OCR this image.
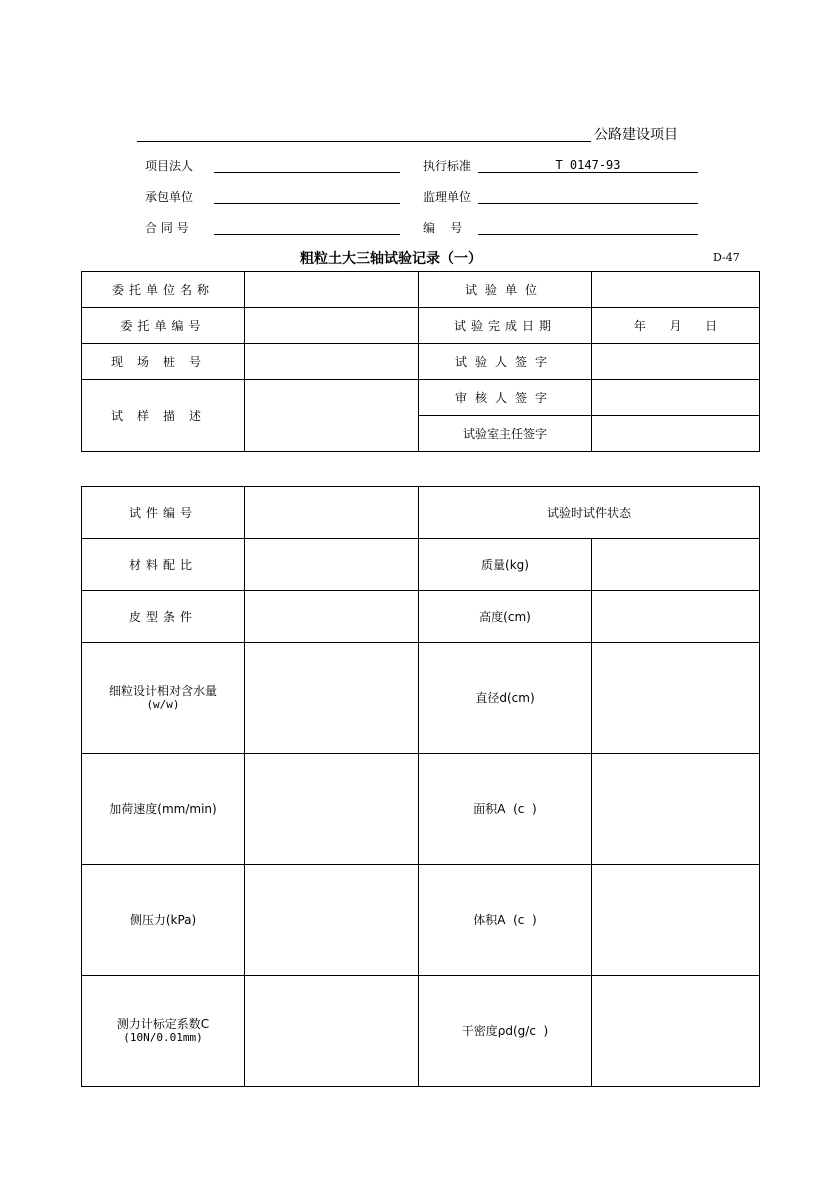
公路建设项目
项目法人	执行标准	T 0147-93
承包单位	监理单位
合 同 号	编    号
粗粒土大三轴试验记录（一）	D-47
委托单位名称		试验单位	
委托单编号		试验完成日期	年  月  日
现场桩号		试验人签字	
试样描述		审核人签字	
		试验室主任签字	
试件编号		试验时试件状态	
材料配比		质量(kg)	
皮型条件		高度(cm)	

细粒设计相对含水量
(w/w)		直径d(cm)	
加荷速度(mm/min)		面积A  (c  )	
侧压力(kPa)		体积A  (c  )	

测力计标定系数C
(10N/0.01mm)		干密度ρd(g/c  )	
